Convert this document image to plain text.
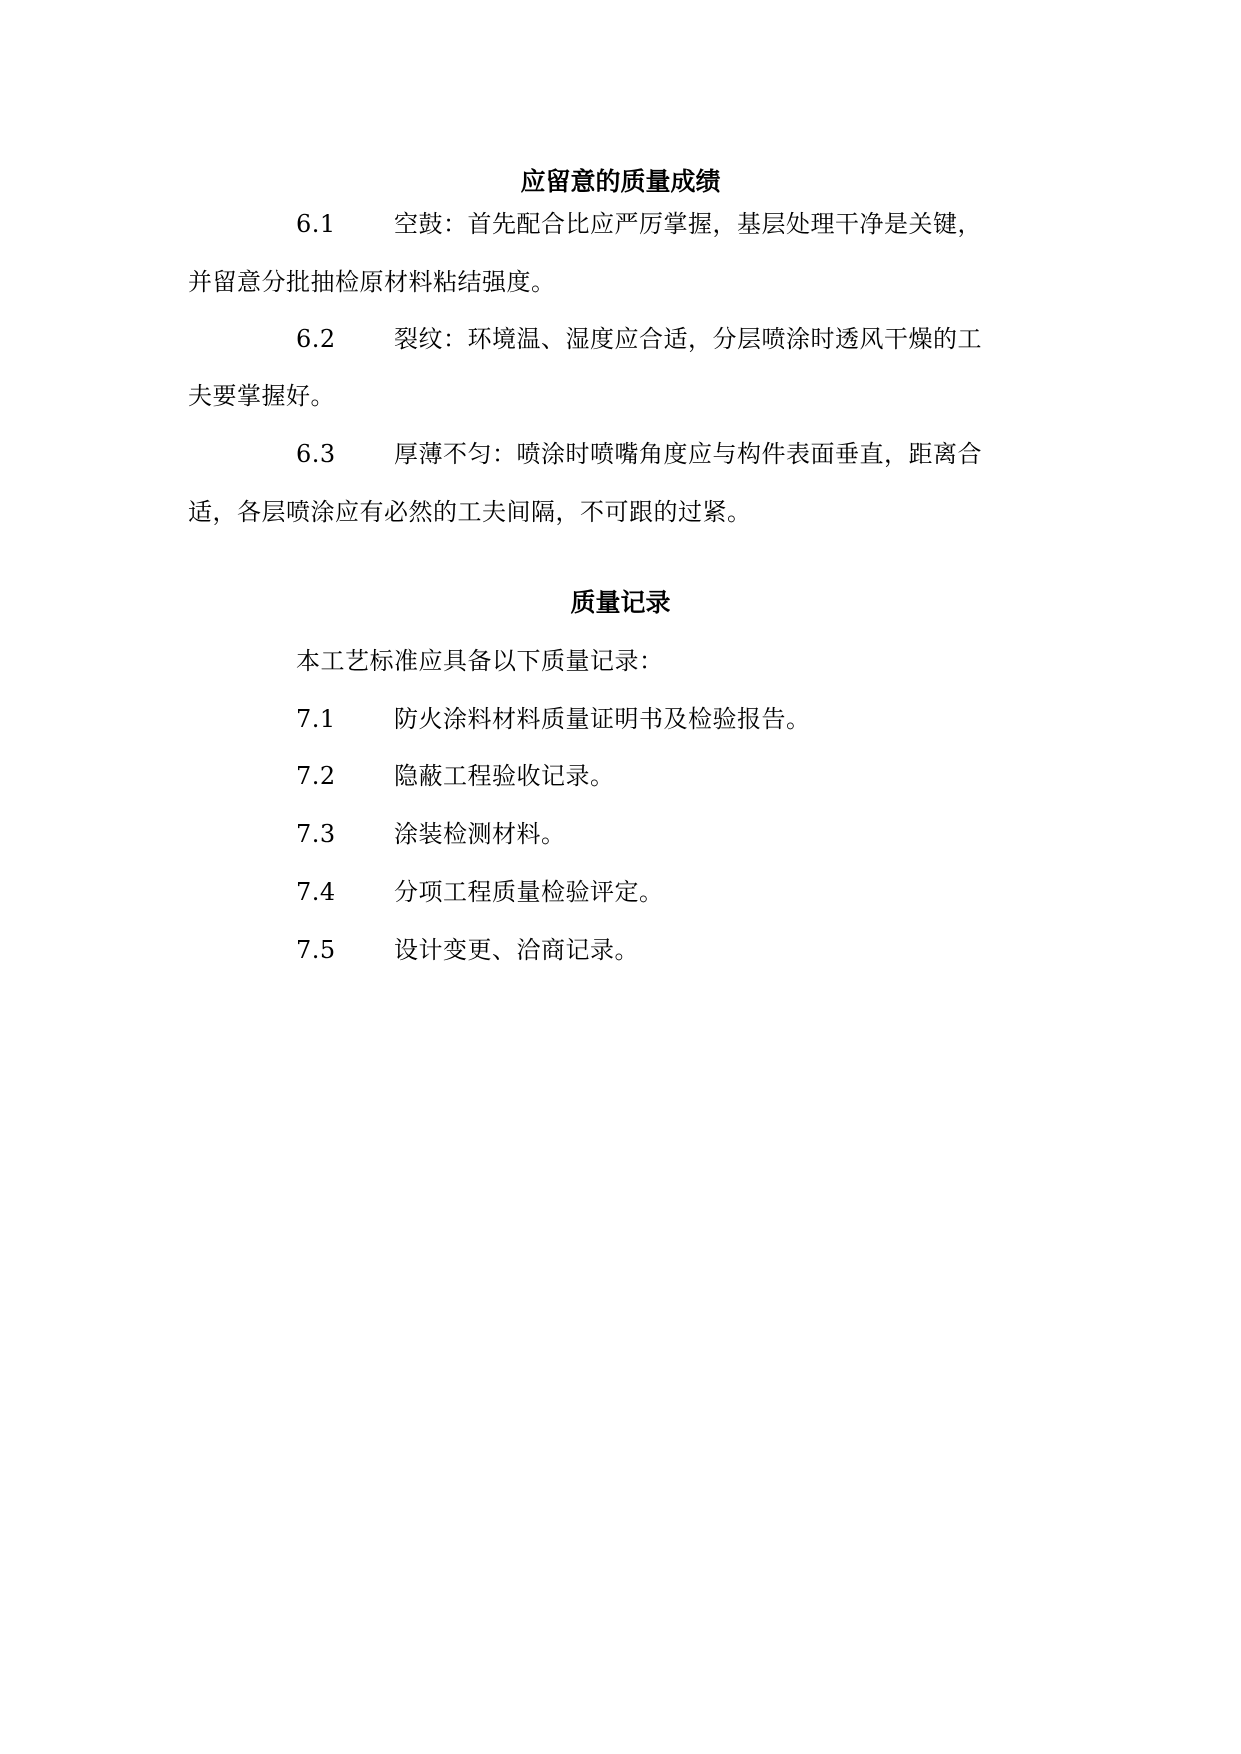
应留意的质量成绩
6.1 空鼓：首先配合比应严厉掌握，基层处理干净是关键，
并留意分批抽检原材料粘结强度。
6.2 裂纹：环境温、湿度应合适，分层喷涂时透风干燥的工
夫要掌握好。
6.3 厚薄不匀：喷涂时喷嘴角度应与构件表面垂直，距离合
适，各层喷涂应有必然的工夫间隔，不可跟的过紧。
质量记录
本工艺标准应具备以下质量记录：
7.1 防火涂料材料质量证明书及检验报告。
7.2 隐蔽工程验收记录。
7.3 涂装检测材料。
7.4 分项工程质量检验评定。
7.5 设计变更、洽商记录。
